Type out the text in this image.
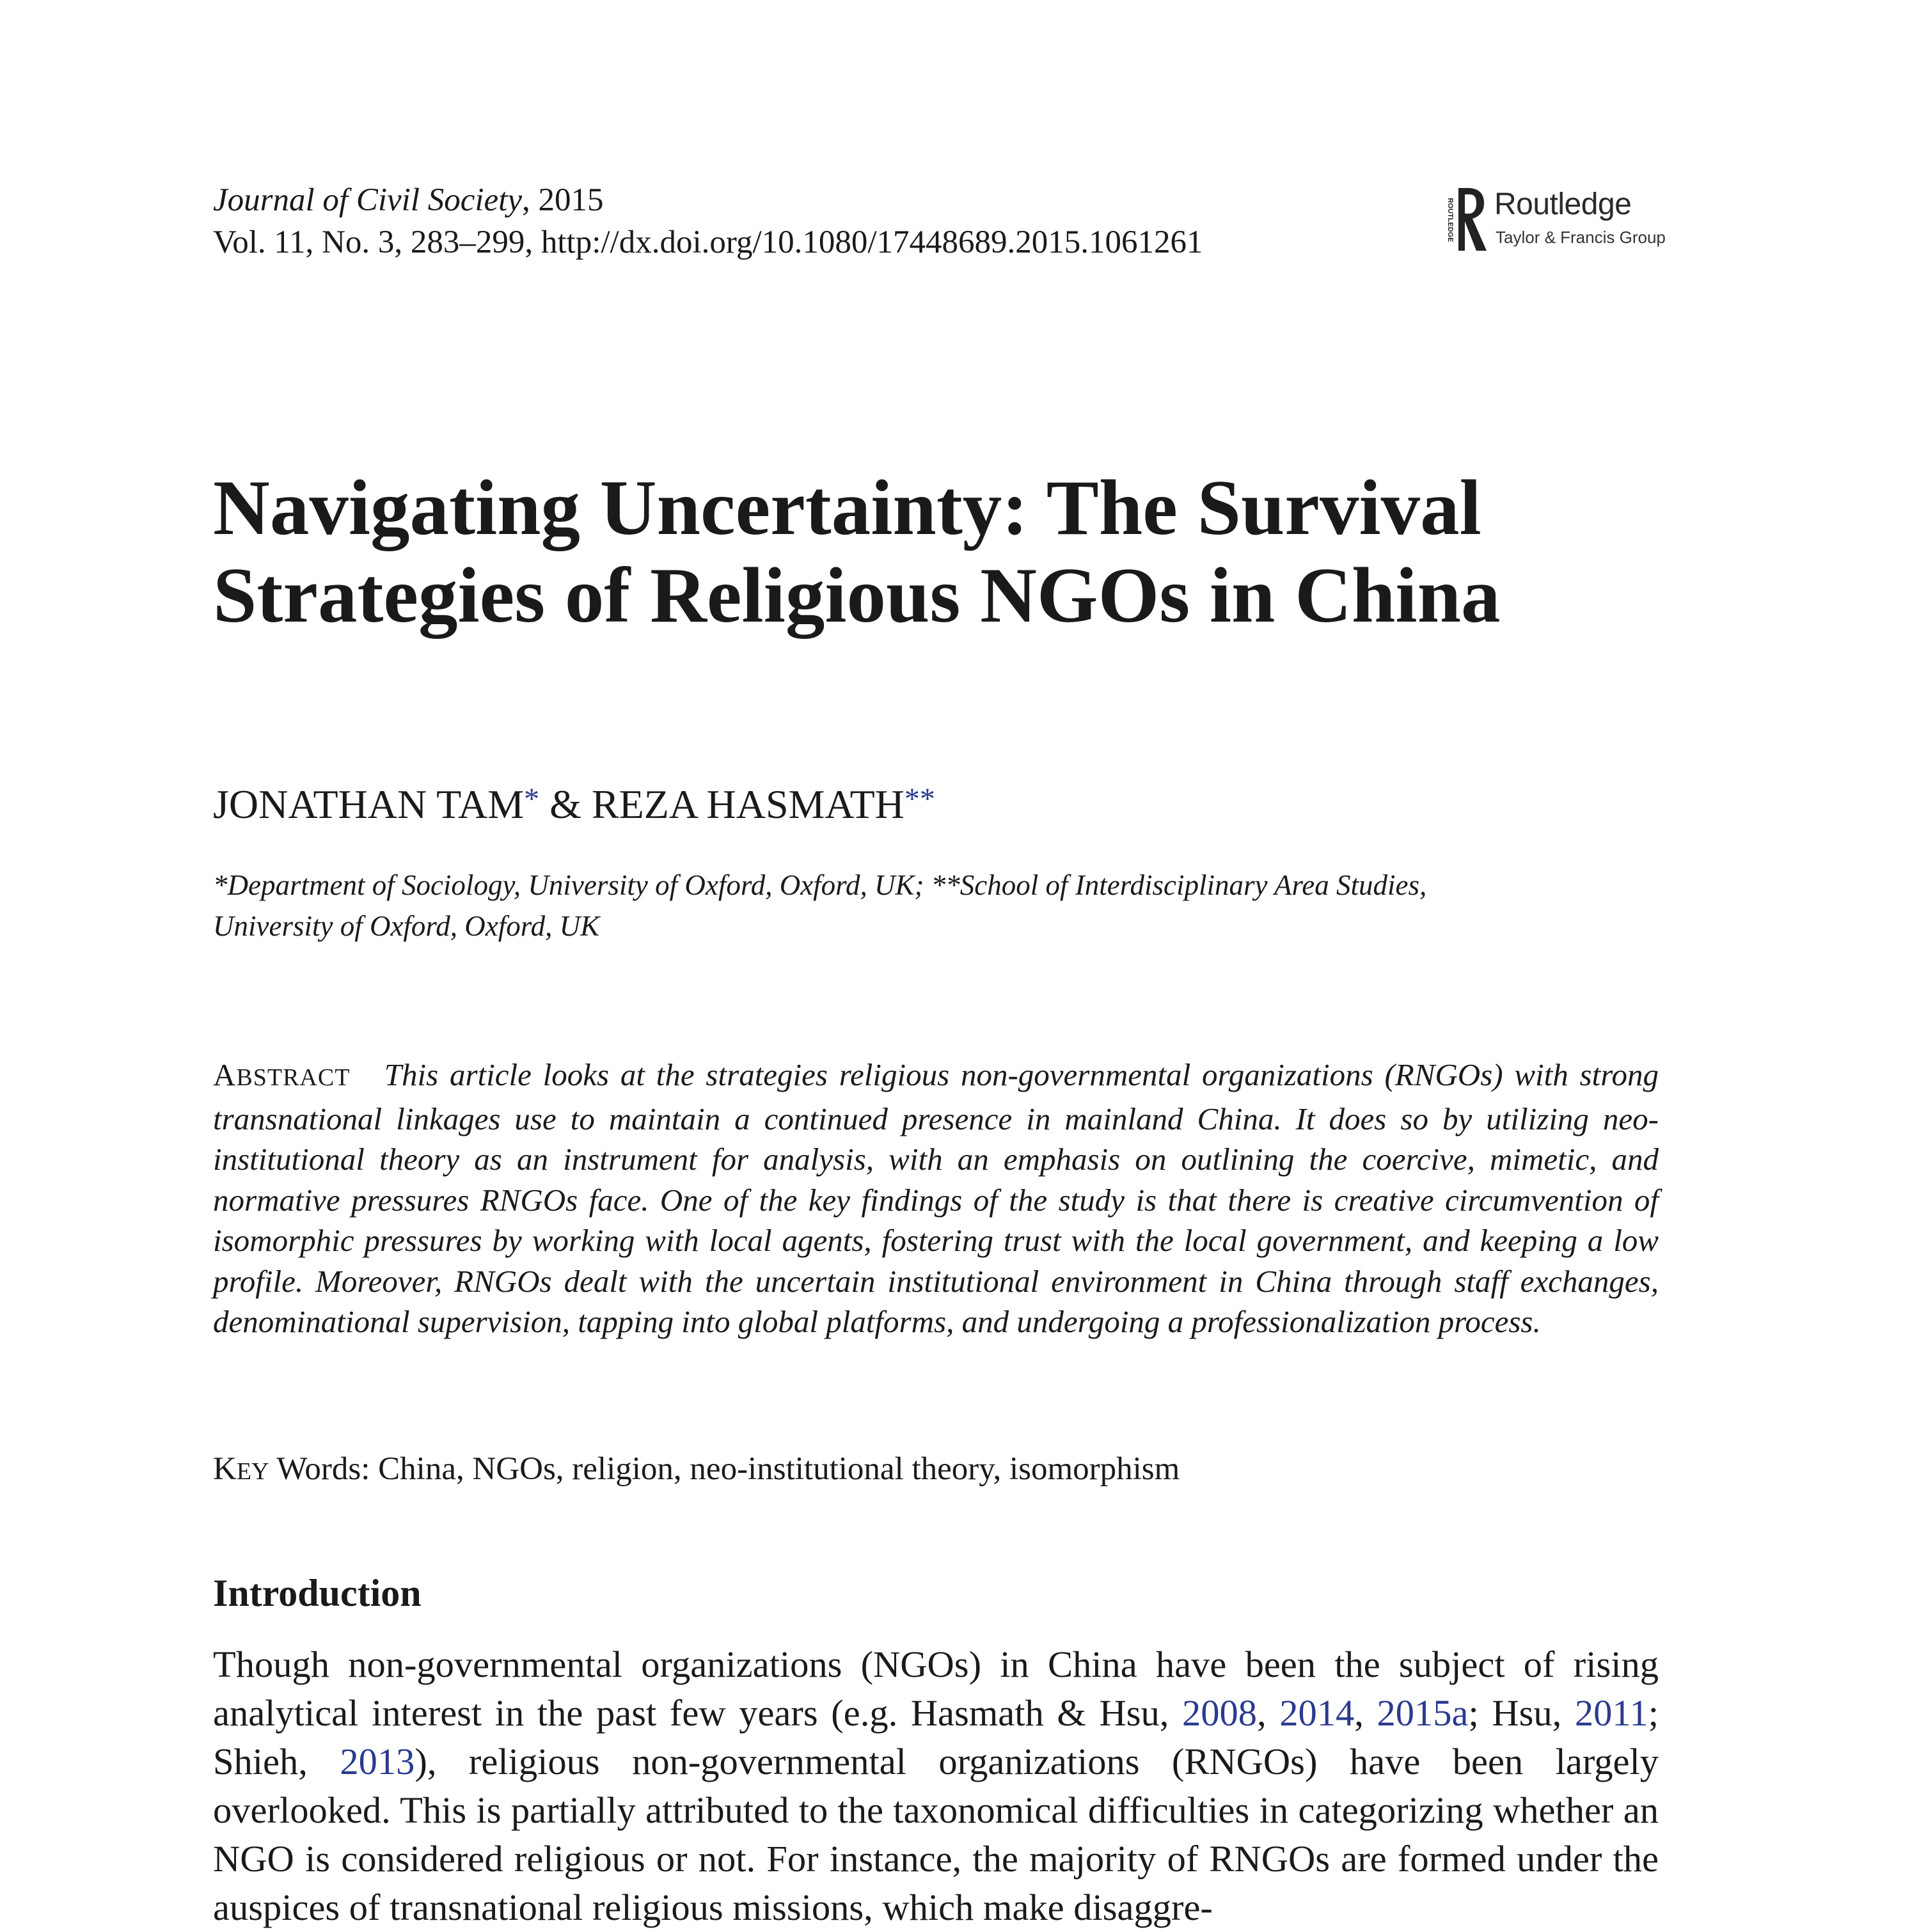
Journal of Civil Society, 2015
Vol. 11, No. 3, 283–299, http://dx.doi.org/10.1080/17448689.2015.1061261
ROUTLEDGE Routledge
Taylor & Francis Group
Navigating Uncertainty: The Survival
Strategies of Religious NGOs in China
JONATHAN TAM* & REZA HASMATH**
*Department of Sociology, University of Oxford, Oxford, UK; **School of Interdisciplinary Area Studies,
University of Oxford, Oxford, UK
ABSTRACT This article looks at the strategies religious non-governmental organizations (RNGOs) with strong transnational linkages use to maintain a continued presence in mainland China. It does so by utilizing neo-institutional theory as an instrument for analysis, with an emphasis on outlining the coercive, mimetic, and normative pressures RNGOs face. One of the key findings of the study is that there is creative circumvention of isomorphic pressures by working with local agents, fostering trust with the local government, and keeping a low profile. Moreover, RNGOs dealt with the uncertain institutional environment in China through staff exchanges, denominational supervision, tapping into global platforms, and undergoing a professionalization process.
KEY Words: China, NGOs, religion, neo-institutional theory, isomorphism
Introduction
Though non-governmental organizations (NGOs) in China have been the subject of rising analytical interest in the past few years (e.g. Hasmath & Hsu, 2008, 2014, 2015a; Hsu, 2011; Shieh, 2013), religious non-governmental organizations (RNGOs) have been largely overlooked. This is partially attributed to the taxonomical difficulties in categorizing whether an NGO is considered religious or not. For instance, the majority of RNGOs are formed under the auspices of transnational religious missions, which make disaggre-
